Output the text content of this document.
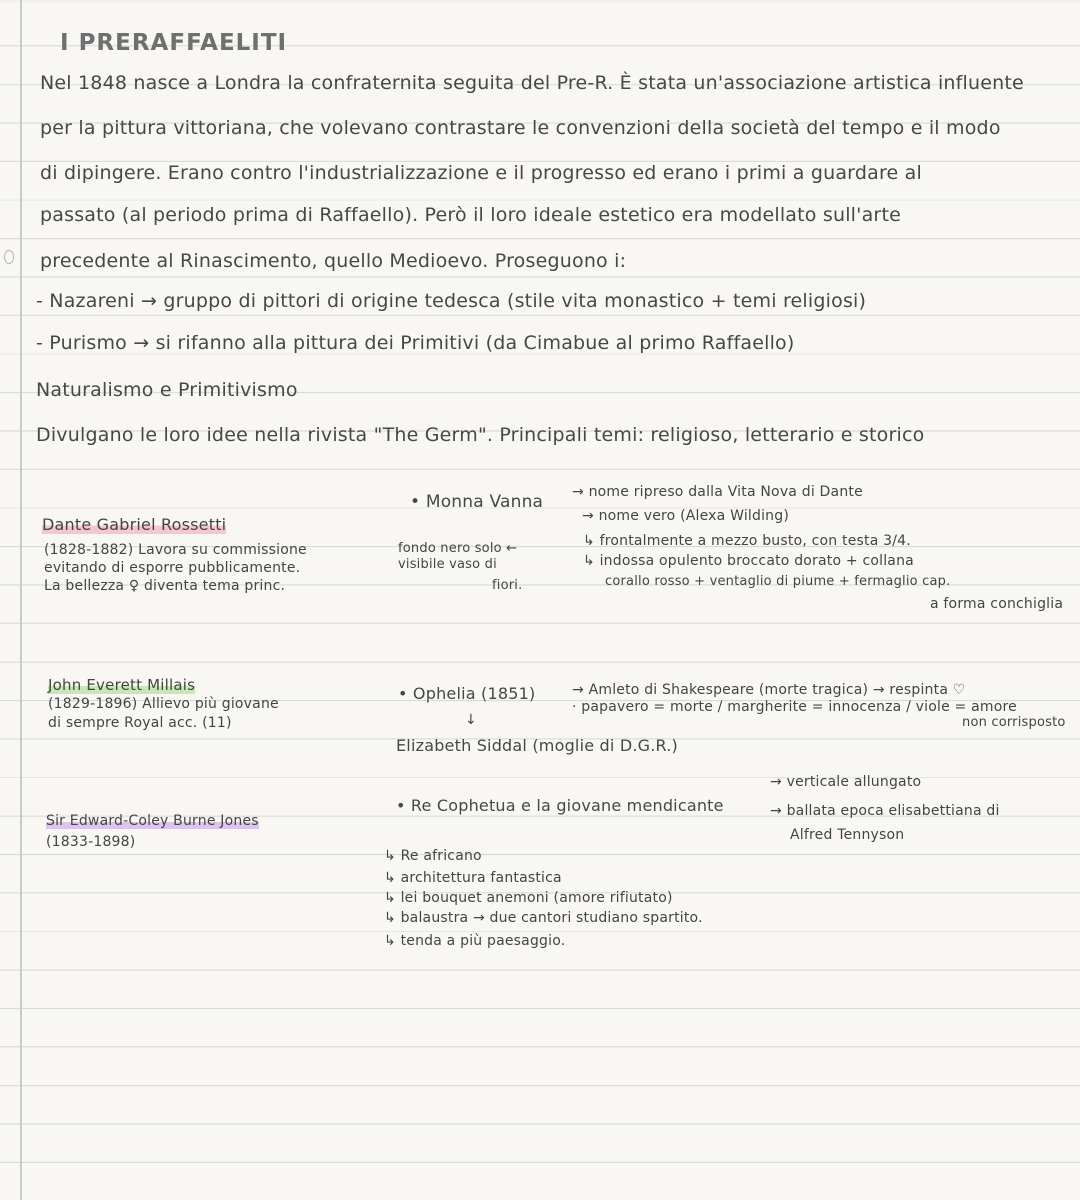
I PRERAFFAELITI
Nel 1848 nasce a Londra la confraternita seguita del Pre-R. È stata un'associazione artistica influente
per la pittura vittoriana, che volevano contrastare le convenzioni della società del tempo e il modo
di dipingere. Erano contro l'industrializzazione e il progresso ed erano i primi a guardare al
passato (al periodo prima di Raffaello). Però il loro ideale estetico era modellato sull'arte
precedente al Rinascimento, quello Medioevo. Proseguono i:
- Nazareni → gruppo di pittori di origine tedesca (stile vita monastico + temi religiosi)
- Purismo → si rifanno alla pittura dei Primitivi (da Cimabue al primo Raffaello)
Naturalismo e Primitivismo
Divulgano le loro idee nella rivista "The Germ". Principali temi: religioso, letterario e storico
Dante Gabriel Rossetti
(1828-1882) Lavora su commissione
evitando di esporre pubblicamente.
La bellezza ♀ diventa tema princ.
• Monna Vanna → nome ripreso dalla Vita Nova di Dante
→ nome vero (Alexa Wilding)
↳ frontalmente a mezzo busto, con testa 3/4.
↳ indossa opulento broccato dorato + collana
corallo rosso + ventaglio di piume + fermaglio cap.
a forma conchiglia
fondo nero solo ←
visibile vaso di
fiori.
John Everett Millais
(1829-1896) Allievo più giovane
di sempre Royal acc. (11)
• Ophelia (1851)	→ Amleto di Shakespeare (morte tragica) → respinta ♡
· papavero = morte / margherite = innocenza / viole = amore
non corrisposto
↓
Elizabeth Siddal (moglie di D.G.R.)
Sir Edward-Coley Burne Jones
(1833-1898)
• Re Cophetua e la giovane mendicante
→ verticale allungato
→ ballata epoca elisabettiana di
Alfred Tennyson
↳ Re africano
↳ architettura fantastica
↳ lei bouquet anemoni (amore rifiutato)
↳ balaustra → due cantori studiano spartito.
↳ tenda a più paesaggio.
